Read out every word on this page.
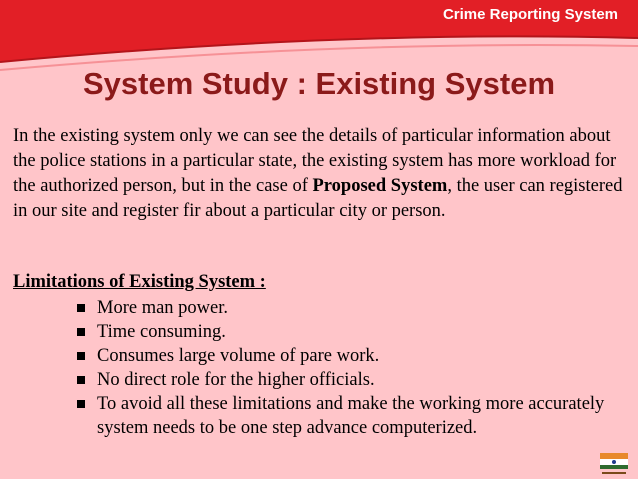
Crime Reporting System
System Study : Existing System

In the existing system only we can see the details of particular information about the police stations in a particular state, the existing system has more workload for the authorized person, but in the case of Proposed System, the user can registered in our site and register fir about a particular city or person.

Limitations of Existing System :
More man power.
Time consuming.
Consumes large volume of pare work.
No direct role for the higher officials.
To avoid all these limitations and make the working more accurately system needs to be one step advance computerized.
